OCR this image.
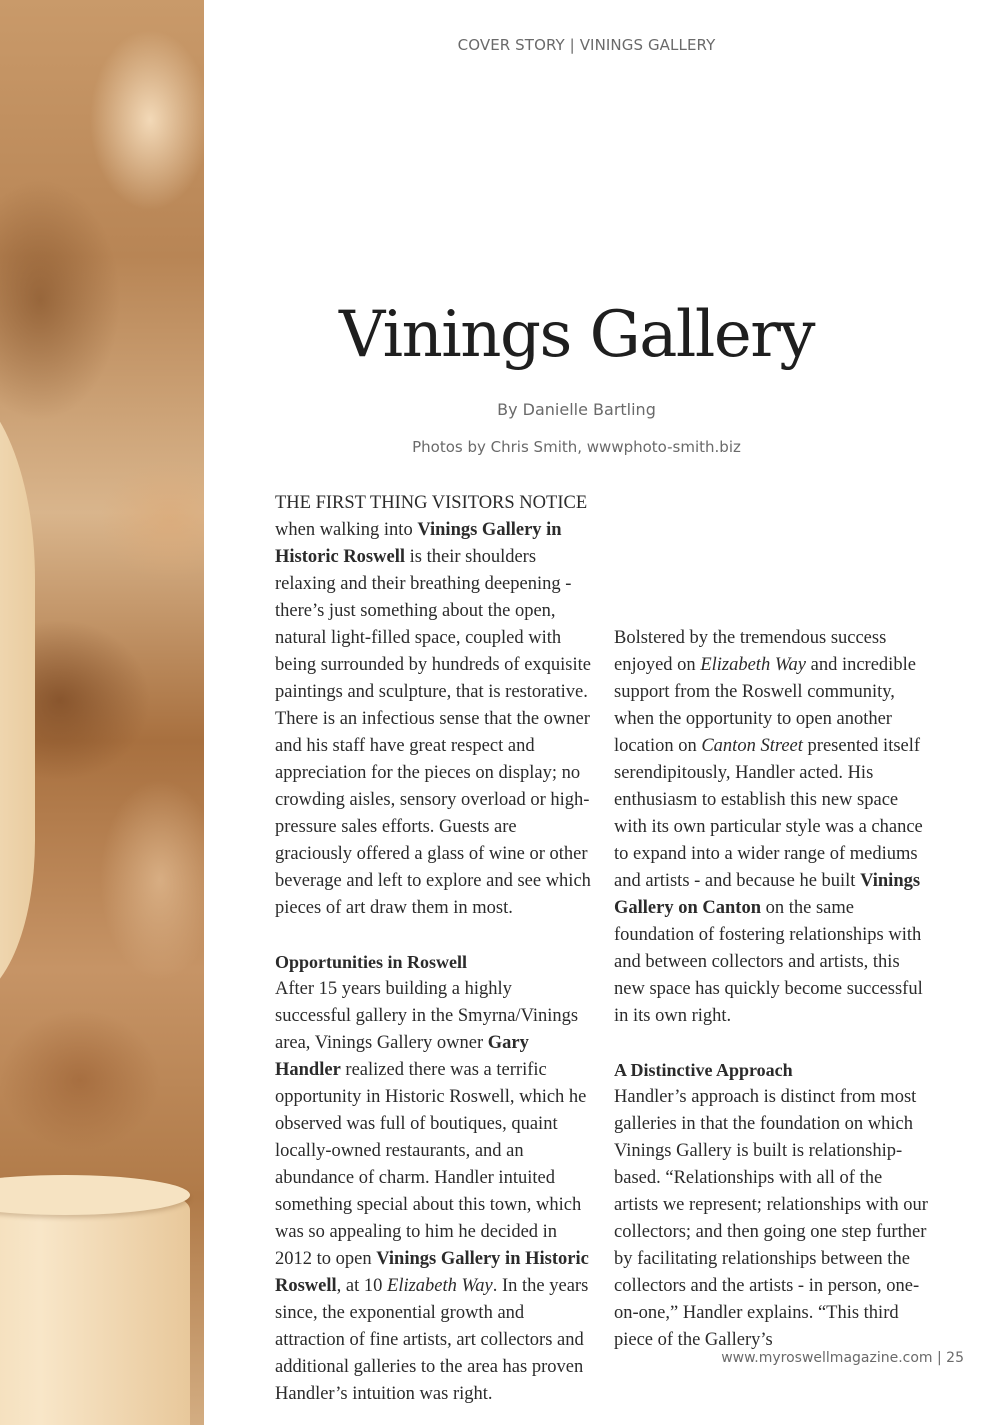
COVER STORY | VININGS GALLERY
Vinings Gallery
By Danielle Bartling
Photos by Chris Smith, wwwphoto-smith.biz

THE FIRST THING VISITORS NOTICE when walking into Vinings Gallery in Historic Roswell is their shoulders relaxing and their breathing deepening - there’s just something about the open, natural light-filled space, coupled with being surrounded by hundreds of exquisite paintings and sculpture, that is restorative. There is an infectious sense that the owner and his staff have great respect and appreciation for the pieces on display; no crowding aisles, sensory overload or high-pressure sales efforts. Guests are graciously offered a glass of wine or other beverage and left to explore and see which pieces of art draw them in most.

Opportunities in Roswell

After 15 years building a highly successful gallery in the Smyrna/Vinings area, Vinings Gallery owner Gary Handler realized there was a terrific opportunity in Historic Roswell, which he observed was full of boutiques, quaint locally-owned restaurants, and an abundance of charm. Handler intuited something special about this town, which was so appealing to him he decided in 2012 to open Vinings Gallery in Historic Roswell, at 10 Elizabeth Way. In the years since, the exponential growth and attraction of fine artists, art collectors and additional galleries to the area has proven Handler’s intuition was right.

Bolstered by the tremendous success enjoyed on Elizabeth Way and incredible support from the Roswell community, when the opportunity to open another location on Canton Street presented itself serendipitously, Handler acted. His enthusiasm to establish this new space with its own particular style was a chance to expand into a wider range of mediums and artists - and because he built Vinings Gallery on Canton on the same foundation of fostering relationships with and between collectors and artists, this new space has quickly become successful in its own right.

A Distinctive Approach

Handler’s approach is distinct from most galleries in that the foundation on which Vinings Gallery is built is relationship-based. “Relationships with all of the artists we represent; relationships with our collectors; and then going one step further by facilitating relationships between the collectors and the artists - in person, one-on-one,” Handler explains. “This third piece of the Gallery’s

www.myroswellmagazine.com | 25
